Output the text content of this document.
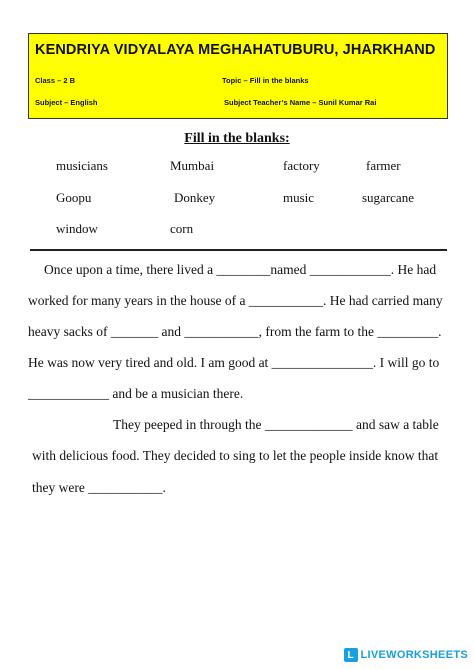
KENDRIYA VIDYALAYA MEGHAHATUBURU, JHARKHAND
Class – 2 B	Topic – Fill in the blanks
Subject – English	Subject Teacher’s Name – Sunil Kumar Rai
Fill in the blanks:
musicians	Mumbai	factory	farmer
Goopu	Donkey	music	sugarcane
window	corn
Once upon a time, there lived a ________named ____________. He had
worked for many years in the house of a ___________. He had carried many
heavy sacks of _______ and ___________, from the farm to the _________.
He was now very tired and old. I am good at _______________. I will go to
____________ and be a musician there.
They peeped in through the _____________ and saw a table
with delicious food. They decided to sing to let the people inside know that
they were ___________.
L LIVEWORKSHEETS
